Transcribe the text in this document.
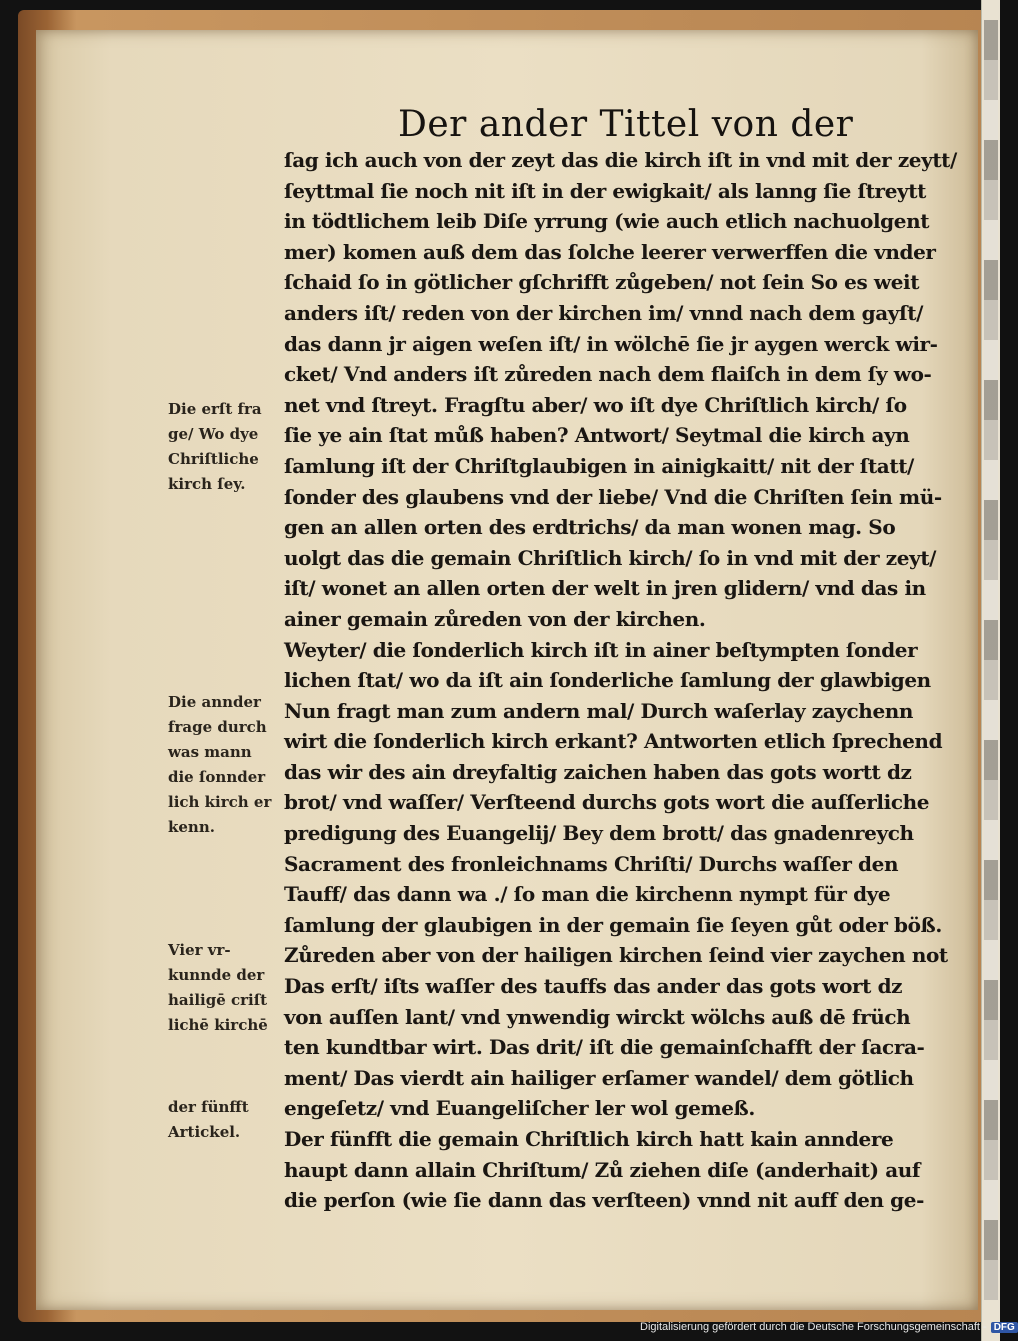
Der ander Tittel von der
ſag ich auch von der zeyt das die kirch iſt in vnd mit der zeytt/
ſeyttmal ſie noch nit iſt in der ewigkait/ als lanng ſie ſtreytt
in tödtlichem leib Diſe yrrung (wie auch etlich nachuolgent
mer) komen auß dem das ſolche leerer verwerffen die vnder
ſchaid ſo in götlicher gſchrifft zůgeben/ not ſein So es weit
anders iſt/ reden von der kirchen im/ vnnd nach dem gayſt/
das dann jr aigen weſen iſt/ in wölchē ſie jr aygen werck wir-
cket/ Vnd anders iſt zůreden nach dem flaiſch in dem ſy wo-
net vnd ſtreyt. Fragſtu aber/ wo iſt dye Chriſtlich kirch/ ſo
ſie ye ain ſtat můß haben? Antwort/ Seytmal die kirch ayn
ſamlung iſt der Chriſtglaubigen in ainigkaitt/ nit der ſtatt/
ſonder des glaubens vnd der liebe/ Vnd die Chriſten ſein mü-
gen an allen orten des erdtrichs/ da man wonen mag. So
uolgt das die gemain Chriſtlich kirch/ ſo in vnd mit der zeyt/
iſt/ wonet an allen orten der welt in jren glidern/ vnd das in
ainer gemain zůreden von der kirchen.
Weyter/ die ſonderlich kirch iſt in ainer beſtympten ſonder
lichen ſtat/ wo da iſt ain ſonderliche ſamlung der glawbigen
Nun fragt man zum andern mal/ Durch waſerlay zaychenn
wirt die ſonderlich kirch erkant? Antworten etlich ſprechend
das wir des ain dreyfaltig zaichen haben das gots wortt dz
brot/ vnd waſſer/ Verſteend durchs gots wort die auſſerliche
predigung des Euangelij/ Bey dem brott/ das gnadenreych
Sacrament des fronleichnams Chriſti/ Durchs waſſer den
Tauff/ das dann wa ./ ſo man die kirchenn nympt für dye
ſamlung der glaubigen in der gemain ſie ſeyen gůt oder böß.
Zůreden aber von der hailigen kirchen ſeind vier zaychen not
Das erſt/ iſts waſſer des tauffs das ander das gots wort dz
von auſſen lant/ vnd ynwendig wirckt wölchs auß dē früch
ten kundtbar wirt. Das drit/ iſt die gemainſchafft der ſacra-
ment/ Das vierdt ain hailiger erſamer wandel/ dem götlich
engeſetz/ vnd Euangeliſcher ler wol gemeß.
Der fünfft die gemain Chriſtlich kirch hatt kain anndere
haupt dann allain Chriſtum/ Zů ziehen diſe (anderhait) auf
die perſon (wie ſie dann das verſteen) vnnd nit auff den ge-
Die erſt fra
ge/ Wo dye
Chriſtliche
kirch ſey.
Die annder
frage durch
was mann
die ſonnder
lich kirch er
kenn.
Vier vr-
kunnde der
hailigē criſt
lichē kirchē
der fünfft
Artickel.
Digitalisierung gefördert durch die Deutsche Forschungsgemeinschaft - DFG
